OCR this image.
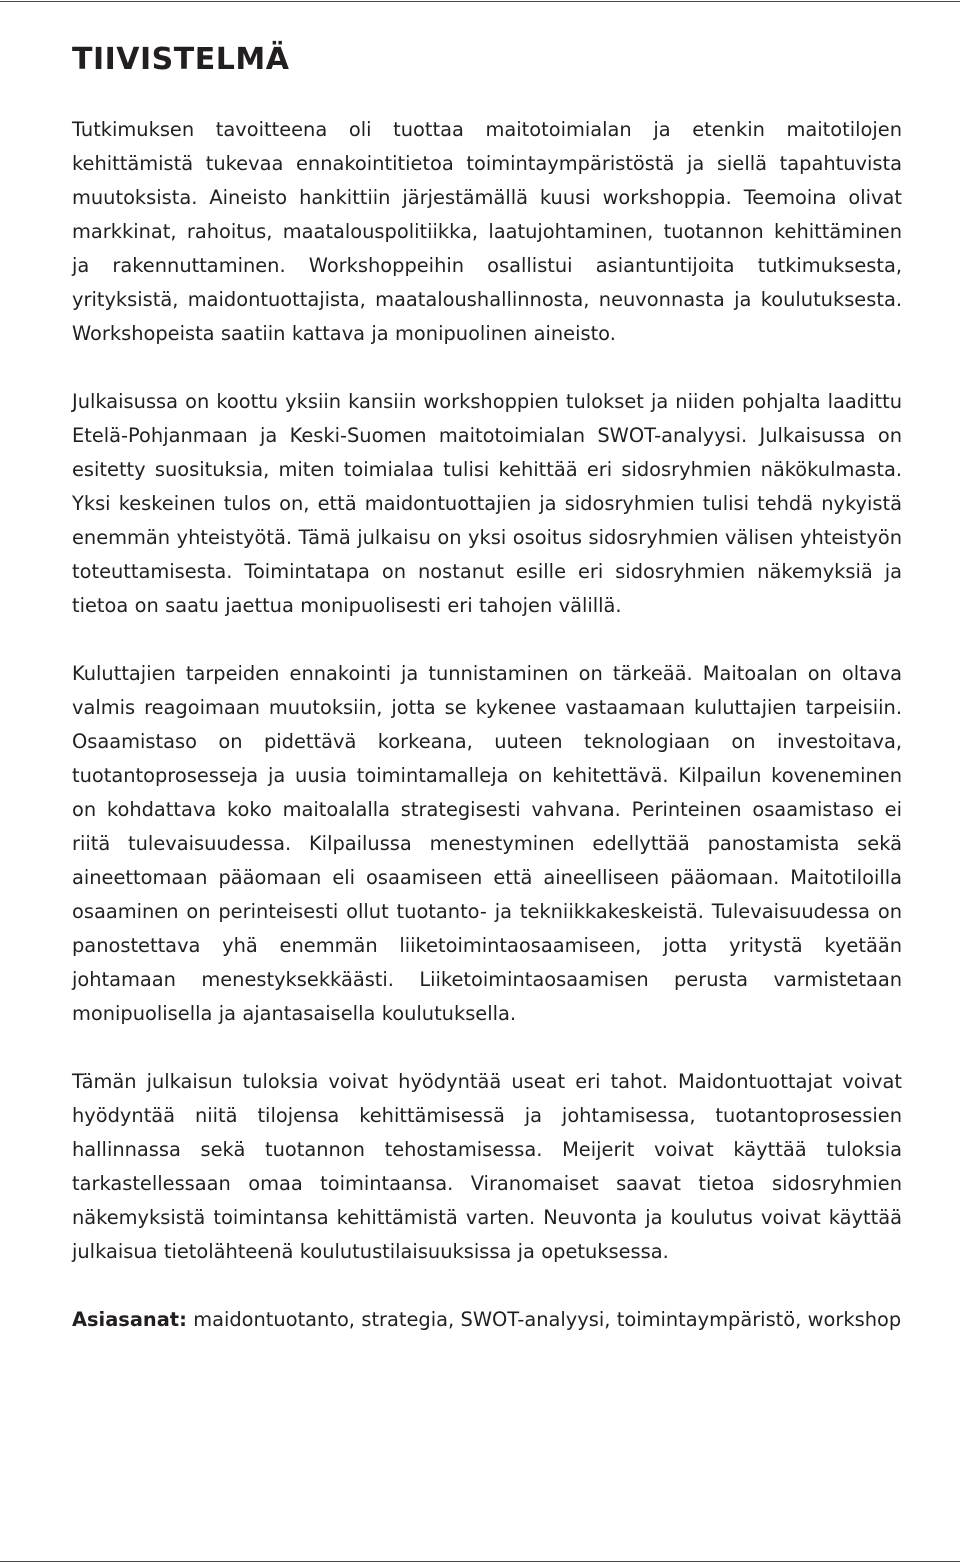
TIIVISTELMÄ

Tutkimuksen tavoitteena oli tuottaa maitotoimialan ja etenkin maitotilojen kehittämistä tukevaa ennakointitietoa toimintaympäristöstä ja siellä tapahtuvista muutoksista. Aineisto hankittiin järjestämällä kuusi workshoppia. Teemoina olivat markkinat, rahoitus, maatalouspolitiikka, laatujohtaminen, tuotannon kehittäminen ja rakennuttaminen. Workshoppeihin osallistui asiantuntijoita tutkimuksesta, yrityksistä, maidontuottajista, maataloushallinnosta, neuvonnasta ja koulutuksesta. Workshopeista saatiin kattava ja monipuolinen aineisto.

Julkaisussa on koottu yksiin kansiin workshoppien tulokset ja niiden pohjalta laadittu Etelä-Pohjanmaan ja Keski-Suomen maitotoimialan SWOT-analyysi. Julkaisussa on esitetty suosituksia, miten toimialaa tulisi kehittää eri sidosryhmien näkökulmasta. Yksi keskeinen tulos on, että maidontuottajien ja sidosryhmien tulisi tehdä nykyistä enemmän yhteistyötä. Tämä julkaisu on yksi osoitus sidosryhmien välisen yhteistyön toteuttamisesta. Toimintatapa on nostanut esille eri sidosryhmien näkemyksiä ja tietoa on saatu jaettua monipuolisesti eri tahojen välillä.

Kuluttajien tarpeiden ennakointi ja tunnistaminen on tärkeää. Maitoalan on oltava valmis reagoimaan muutoksiin, jotta se kykenee vastaamaan kuluttajien tarpeisiin. Osaamistaso on pidettävä korkeana, uuteen teknologiaan on investoitava, tuotantoprosesseja ja uusia toimintamalleja on kehitettävä. Kilpailun koveneminen on kohdattava koko maitoalalla strategisesti vahvana. Perinteinen osaamistaso ei riitä tulevaisuudessa. Kilpailussa menestyminen edellyttää panostamista sekä aineettomaan pääomaan eli osaamiseen että aineelliseen pääomaan. Maitotiloilla osaaminen on perinteisesti ollut tuotanto- ja tekniikkakeskeistä. Tulevaisuudessa on panostettava yhä enemmän liiketoimintaosaamiseen, jotta yritystä kyetään johtamaan menestyksekkäästi. Liiketoimintaosaamisen perusta varmistetaan monipuolisella ja ajantasaisella koulutuksella.

Tämän julkaisun tuloksia voivat hyödyntää useat eri tahot. Maidontuottajat voivat hyödyntää niitä tilojensa kehittämisessä ja johtamisessa, tuotantoprosessien hallinnassa sekä tuotannon tehostamisessa. Meijerit voivat käyttää tuloksia tarkastellessaan omaa toimintaansa. Viranomaiset saavat tietoa sidosryhmien näkemyksistä toimintansa kehittämistä varten. Neuvonta ja koulutus voivat käyttää julkaisua tietolähteenä koulutustilaisuuksissa ja opetuksessa.

Asiasanat: maidontuotanto, strategia, SWOT-analyysi, toimintaympäristö, workshop
